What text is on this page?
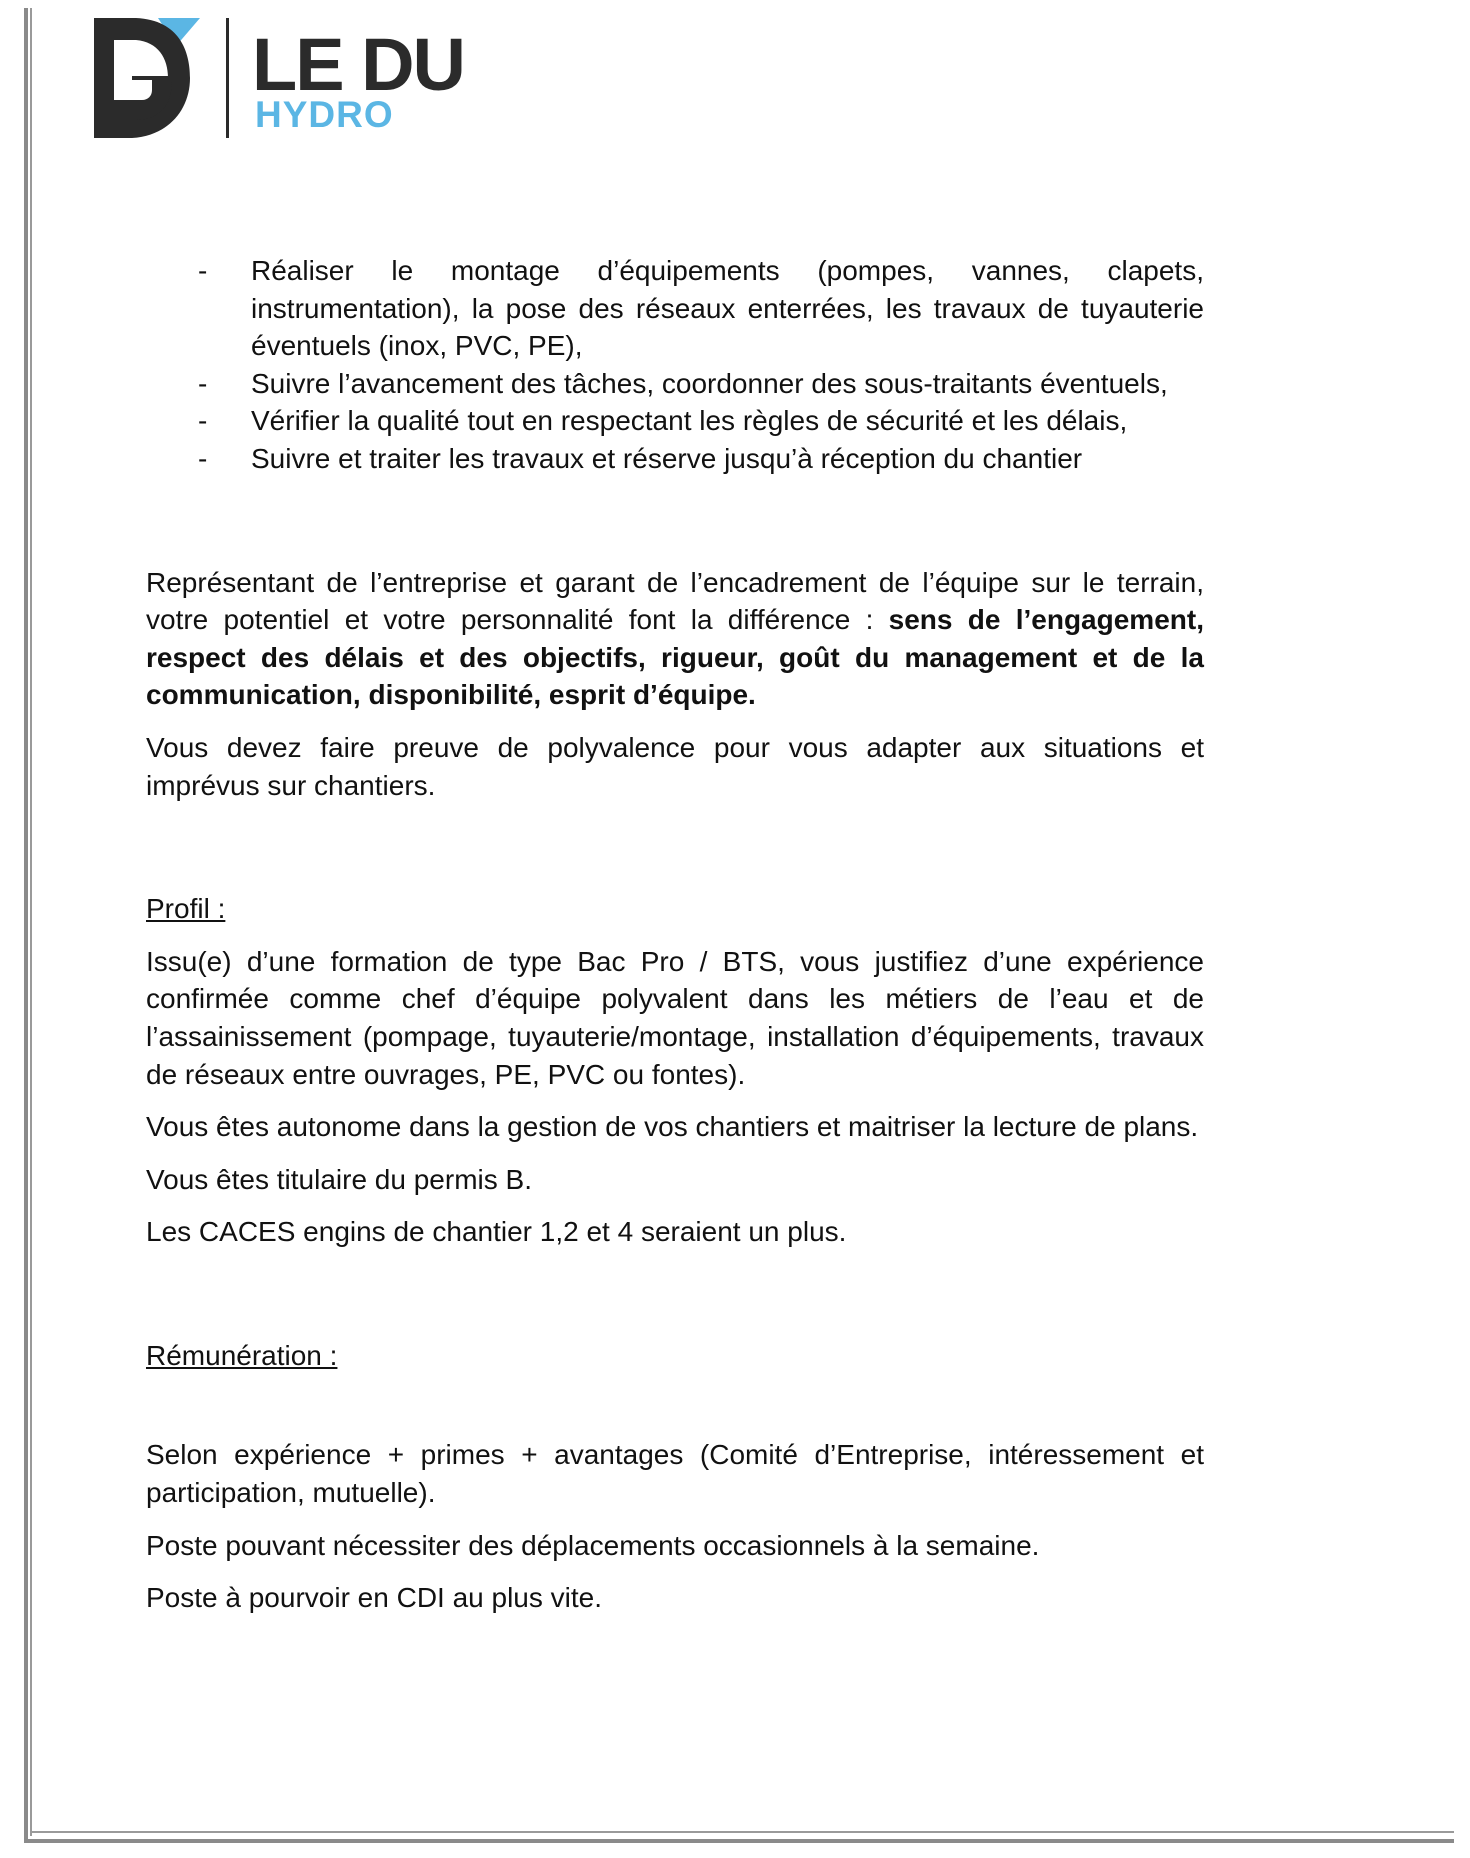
LE DU
HYDRO
- Réaliser le montage d’équipements (pompes, vannes, clapets, instrumentation), la pose des réseaux enterrées, les travaux de tuyauterie éventuels (inox, PVC, PE),
- Suivre l’avancement des tâches, coordonner des sous-traitants éventuels,
- Vérifier la qualité tout en respectant les règles de sécurité et les délais,
- Suivre et traiter les travaux et réserve jusqu’à réception du chantier

Représentant de l’entreprise et garant de l’encadrement de l’équipe sur le terrain, votre potentiel et votre personnalité font la différence : sens de l’engagement, respect des délais et des objectifs, rigueur, goût du management et de la communication, disponibilité, esprit d’équipe.

Vous devez faire preuve de polyvalence pour vous adapter aux situations et imprévus sur chantiers.

Profil :

Issu(e) d’une formation de type Bac Pro / BTS, vous justifiez d’une expérience confirmée comme chef d’équipe polyvalent dans les métiers de l’eau et de l’assainissement (pompage, tuyauterie/montage, installation d’équipements, travaux de réseaux entre ouvrages, PE, PVC ou fontes).

Vous êtes autonome dans la gestion de vos chantiers et maitriser la lecture de plans.

Vous êtes titulaire du permis B.

Les CACES engins de chantier 1,2 et 4 seraient un plus.

Rémunération :

Selon expérience + primes + avantages (Comité d’Entreprise, intéressement et participation, mutuelle).

Poste pouvant nécessiter des déplacements occasionnels à la semaine.

Poste à pourvoir en CDI au plus vite.
